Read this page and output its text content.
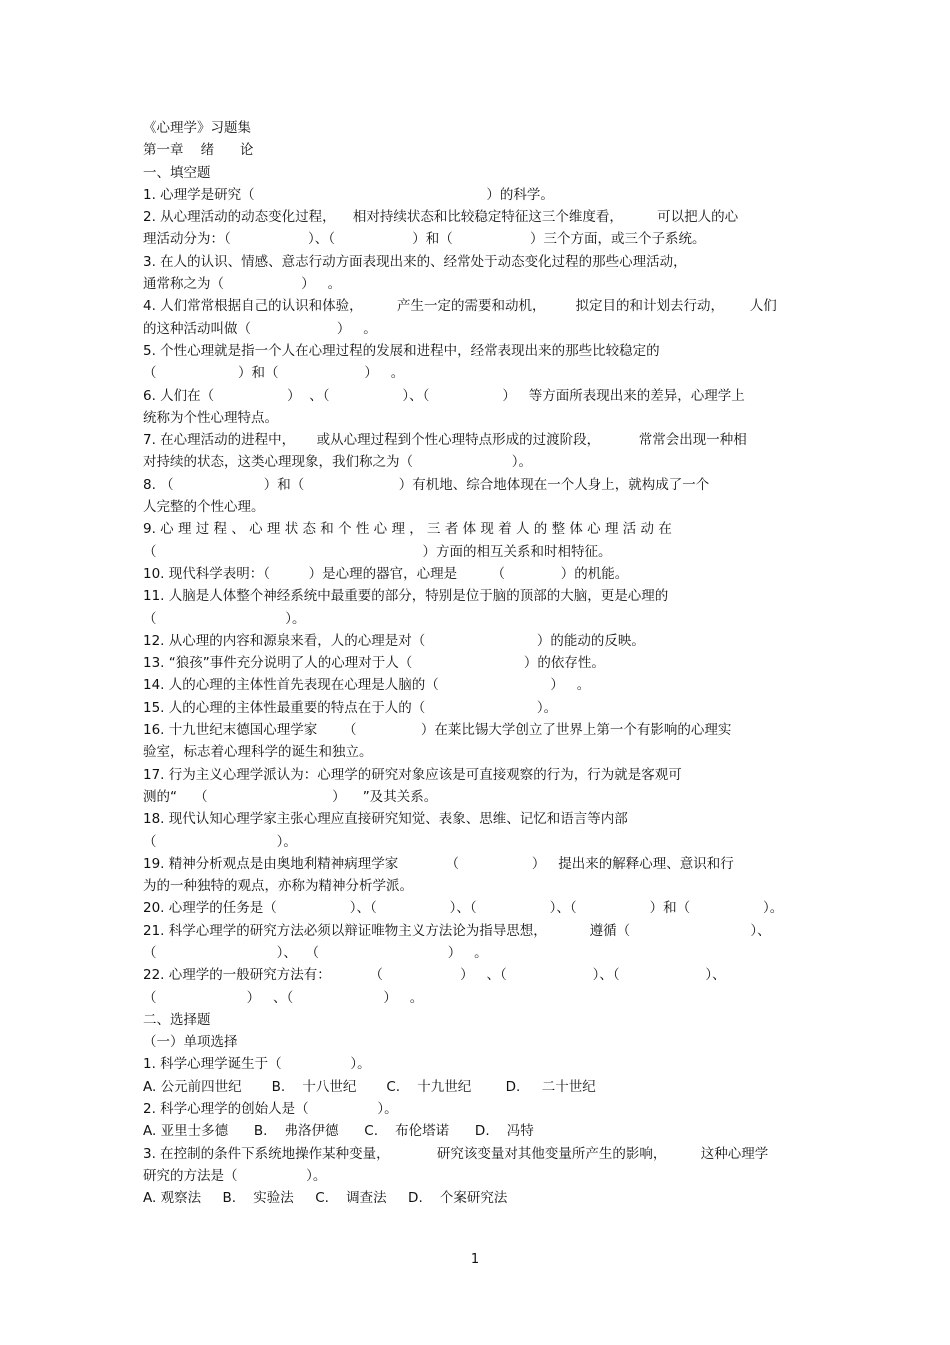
《心理学》习题集
第一章    绪      论
一、填空题
1. 心理学是研究（                                                      ）的科学。
2. 从心理活动的动态变化过程，    相对持续状态和比较稳定特征这三个维度看，        可以把人的心
理活动分为：（                  ）、（                  ）和（                  ）三个方面，或三个子系统。
3. 在人的认识、情感、意志行动方面表现出来的、经常处于动态变化过程的那些心理活动，
通常称之为（                  ）   。
4. 人们常常根据自己的认识和体验，        产生一定的需要和动机，       拟定目的和计划去行动，      人们
的这种活动叫做（                    ）   。
5. 个性心理就是指一个人在心理过程的发展和进程中，经常表现出来的那些比较稳定的
（                   ）和（                    ）   。
6. 人们在（                 ）  、（                 ）、（                 ）   等方面所表现出来的差异，心理学上
统称为个性心理特点。
7. 在心理活动的进程中，     或从心理过程到个性心理特点形成的过渡阶段，         常常会出现一种相
对持续的状态，这类心理现象，我们称之为（                       ）。
8. （                     ）和（                      ）有机地、综合地体现在一个人身上，就构成了一个
人完整的个性心理。
9. 心 理 过 程 、 心 理 状 态 和 个 性 心 理 ， 三 者 体 现 着 人 的 整 体 心 理 活 动 在
（                                                              ）方面的相互关系和时相特征。
10. 现代科学表明：（         ）是心理的器官，心理是        （             ）的机能。
11. 人脑是人体整个神经系统中最重要的部分，特别是位于脑的顶部的大脑，更是心理的
（                              ）。
12. 从心理的内容和源泉来看，人的心理是对（                          ）的能动的反映。
13. “狼孩”事件充分说明了人的心理对于人（                          ）的依存性。
14. 人的心理的主体性首先表现在心理是人脑的（                          ）   。
15. 人的心理的主体性最重要的特点在于人的（                          ）。
16. 十九世纪末德国心理学家      （               ）在莱比锡大学创立了世界上第一个有影响的心理实
验室，标志着心理科学的诞生和独立。
17. 行为主义心理学派认为：心理学的研究对象应该是可直接观察的行为，行为就是客观可
测的“    （                             ）    ”及其关系。
18. 现代认知心理学家主张心理应直接研究知觉、表象、思维、记忆和语言等内部
（                            ）。
19. 精神分析观点是由奥地利精神病理学家           （                 ）   提出来的解释心理、意识和行
为的一种独特的观点，亦称为精神分析学派。
20. 心理学的任务是（                 ）、（                 ）、（                 ）、（                 ）和（                 ）。
21. 科学心理学的研究方法必须以辩证唯物主义方法论为指导思想，          遵循（                            ）、
（                            ）、  （                              ）   。
22. 心理学的一般研究方法有：         （                  ）   、（                    ）、（                    ）、
（                     ）   、（                     ）   。
二、选择题
（一）单项选择
1. 科学心理学诞生于（                ）。
A. 公元前四世纪       B.    十八世纪       C.    十九世纪        D.     二十世纪
2. 科学心理学的创始人是（                ）。
A. 亚里士多德      B.    弗洛伊德      C.    布伦塔诺      D.    冯特
3. 在控制的条件下系统地操作某种变量，           研究该变量对其他变量所产生的影响，        这种心理学
研究的方法是（                ）。
A. 观察法     B.    实验法     C.    调查法     D.    个案研究法
1
